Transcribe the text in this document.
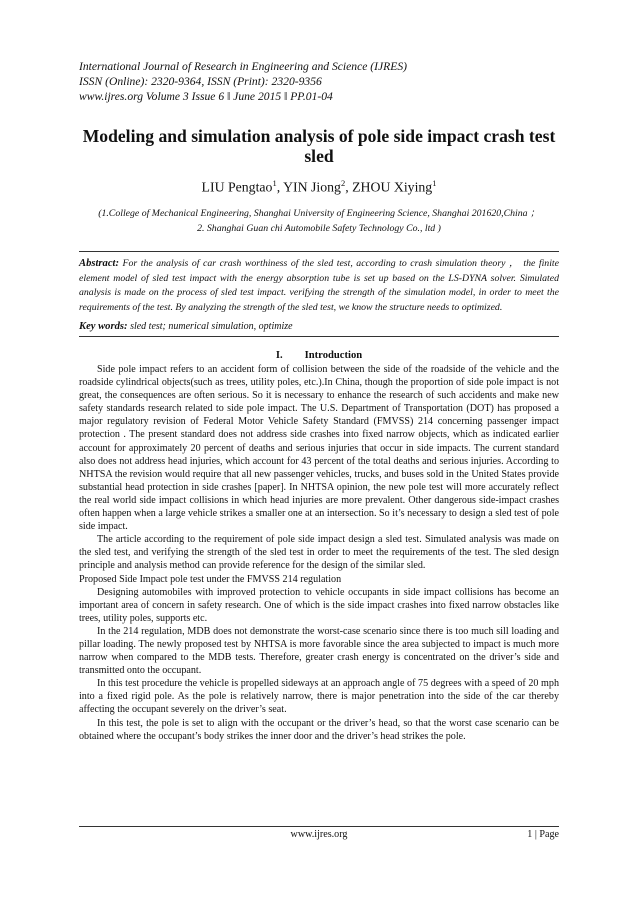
International Journal of Research in Engineering and Science (IJRES)
ISSN (Online): 2320-9364, ISSN (Print): 2320-9356
www.ijres.org Volume 3 Issue 6 ǁ June 2015 ǁ PP.01-04
Modeling and simulation analysis of pole side impact crash test
sled
LIU Pengtao$^1$, YIN Jiong$^2$, ZHOU Xiying$^1$
(1.College of Mechanical Engineering, Shanghai University of Engineering Science, Shanghai 201620,China ；
2. Shanghai Guan chi Automobile Safety Technology Co., ltd )
Abstract: For the analysis of car crash worthiness of the sled test, according to crash simulation theory ， the finite element model of sled test impact with the energy absorption tube is set up based on the LS-DYNA solver. Simulated analysis is made on the process of sled test impact. verifying the strength of the simulation model, in order to meet the requirements of the test. By analyzing the strength of the sled test, we know the structure needs to optimized.
Key words: sled test; numerical simulation, optimize
I. Introduction

Side pole impact refers to an accident form of collision between the side of the roadside of the vehicle and the roadside cylindrical objects(such as trees, utility poles, etc.).In China, though the proportion of side pole impact is not great, the consequences are often serious. So it is necessary to enhance the research of such accidents and make new safety standards research related to side pole impact. The U.S. Department of Transportation (DOT) has proposed a major regulatory revision of Federal Motor Vehicle Safety Standard (FMVSS) 214 concerning passenger impact protection . The present standard does not address side crashes into fixed narrow objects, which as indicated earlier account for approximately 20 percent of deaths and serious injuries that occur in side impacts. The current standard also does not address head injuries, which account for 43 percent of the total deaths and serious injuries. According to NHTSA the revision would require that all new passenger vehicles, trucks, and buses sold in the United States provide substantial head protection in side crashes [paper]. In NHTSA opinion, the new pole test will more accurately reflect the real world side impact collisions in which head injuries are more prevalent. Other dangerous side-impact crashes often happen when a large vehicle strikes a smaller one at an intersection. So it’s necessary to design a sled test of pole side impact.

The article according to the requirement of pole side impact design a sled test. Simulated analysis was made on the sled test, and verifying the strength of the sled test in order to meet the requirements of the test. The sled design principle and analysis method can provide reference for the design of the similar sled.

Proposed Side Impact pole test under the FMVSS 214 regulation

Designing automobiles with improved protection to vehicle occupants in side impact collisions has become an important area of concern in safety research. One of which is the side impact crashes into fixed narrow obstacles like trees, utility poles, supports etc.

In the 214 regulation, MDB does not demonstrate the worst-case scenario since there is too much sill loading and pillar loading. The newly proposed test by NHTSA is more favorable since the area subjected to impact is much more narrow when compared to the MDB tests. Therefore, greater crash energy is concentrated on the driver’s side and transmitted onto the occupant.

In this test procedure the vehicle is propelled sideways at an approach angle of 75 degrees with a speed of 20 mph into a fixed rigid pole. As the pole is relatively narrow, there is major penetration into the side of the car thereby affecting the occupant severely on the driver’s seat.

In this test, the pole is set to align with the occupant or the driver’s head, so that the worst case scenario can be obtained where the occupant’s body strikes the inner door and the driver’s head strikes the pole.

www.ijres.org	1 | Page
